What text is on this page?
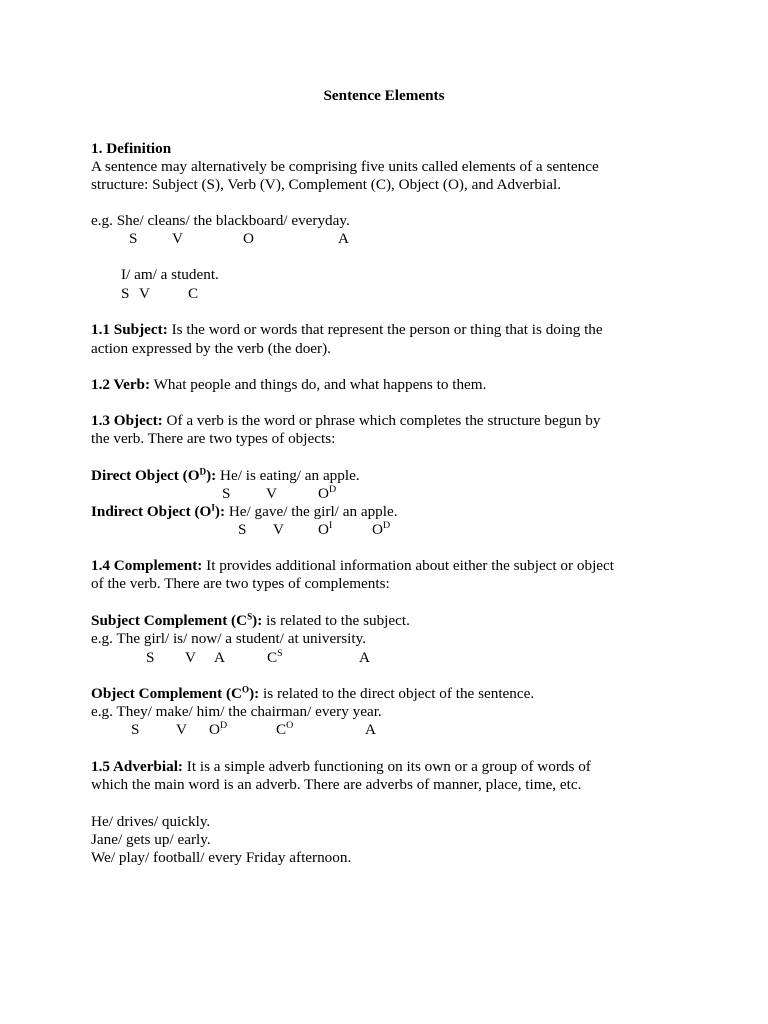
Sentence Elements
1. Definition
A sentence may alternatively be comprising five units called elements of a sentence
structure: Subject (S), Verb (V), Complement (C), Object (O), and Adverbial.
e.g. She/ cleans/ the blackboard/ everyday.
S V	O	A
I/ am/ a student.
S V	C
1.1 Subject: Is the word or words that represent the person or thing that is doing the
action expressed by the verb (the doer).
1.2 Verb: What people and things do, and what happens to them.
1.3 Object: Of a verb is the word or phrase which completes the structure begun by
the verb. There are two types of objects:
Direct Object $(O^D)$: He/ is eating/ an apple.
S V	$O^D$
Indirect Object $(O^I)$: He/ gave/ the girl/ an apple.
S V $O^I$	$O^D$
1.4 Complement: It provides additional information about either the subject or object
of the verb. There are two types of complements:
Subject Complement $(C^S)$: is related to the subject.
e.g. The girl/ is/ now/ a student/ at university.
S V A	$C^S$	A
Object Complement $(C^O)$: is related to the direct object of the sentence.
e.g. They/ make/ him/ the chairman/ every year.
S V $O^D$	$C^O$	A
1.5 Adverbial: It is a simple adverb functioning on its own or a group of words of
which the main word is an adverb. There are adverbs of manner, place, time, etc.
He/ drives/ quickly.
Jane/ gets up/ early.
We/ play/ football/ every Friday afternoon.
